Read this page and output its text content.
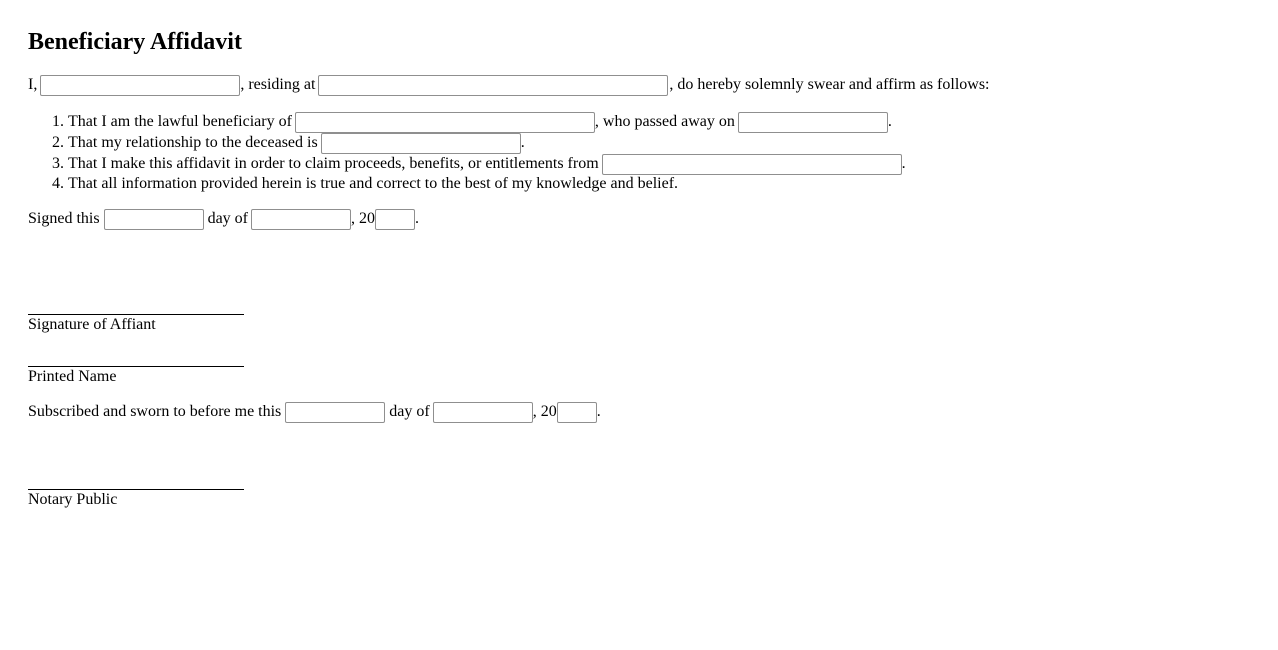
Beneficiary Affidavit
I,	, residing at	, do hereby solemnly swear and affirm as follows:
1. That I am the lawful beneficiary of	, who passed away on	.
2. That my relationship to the deceased is	.
3. That I make this affidavit in order to claim proceeds, benefits, or entitlements from	.
4. That all information provided herein is true and correct to the best of my knowledge and belief.
Signed this	day of	, 20	.
Signature of Affiant
Printed Name
Subscribed and sworn to before me this	day of	, 20	.
Notary Public
